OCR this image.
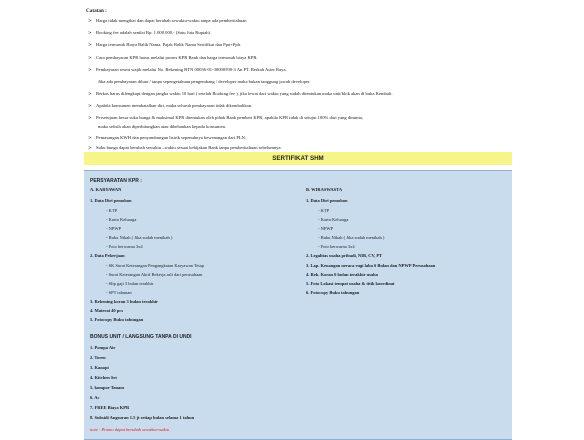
Catatan :
> Harga tidak mengikat dan dapat berubah sewaktu-waktu tanpa ada pemberitahuan
> Booking fee adalah senilai Rp. 1.000.000,- (Satu Juta Rupiah).
> Harga termasuk Biaya Balik Nama, Pajak Balik Nama Sertifikat dan Ppn+Pph.
> Cara pembayaran KPR harus melalui proses KPR Bank dan harga termasuk biaya KPR.
> Pembayaran resmi wajib melalui No. Rekening BTN 00036-01-30000590-3 An PT. Berkah Aster Raya.
Jika ada pembayaran diluar / tanpa sepengetahuan pengembang / developer maka bukan tanggung jawab developer.
> Berkas harus dilengkapi dengan jangka waktu 10 hari ( setelah Booking fee ), jika lewat dari waktu yang sudah ditentukan maka unit/blok akan di buka Kembali.
> Apabila konsumen membatalkan diri, maka seluruh pembayaran tidak dikembalikan.
> Persetujuan besar suku bunga & maksimal KPR ditentukan oleh pihak Bank pemberi KPR, apabila KPR tidak di setujui 100% dari yang diminta,
maka selisih akan diperhitungkan atau dibebankan kepada konsumen.
> Pemasangan KWH dan penyambungan listrik sepenuhnya kewenangan dari PLN.
> Suku bunga dapat berubah sewaktu –waktu sesuai kebijakan Bank tanpa pemberitahuan sebelumnya.
SERTIFIKAT SHM
PERSYARATAN KPR :
A. KARYAWAN
1. Data Diri pemohon
- KTP
- Kartu Keluarga
- NPWP
- Buku Nikah ( Jika sudah menikah )
- Foto berwarna 3x4
2. Data Pekerjaan
- SK Surat Keterangan Pengangkatan Karyawan Tetap
- Surat Keterangan Aktif Bekerja asli dari perusahaan
- Slip gaji 3 bulan terakhir
- SPT tahunan
3. Rekening koran 3 bulan terakhir
4. Materai 40 pcs
5. Fotocopy Buku tabungan
B. WIRASWASTA
1. Data Diri pemohon
- KTP
- Kartu Keluarga
- NPWP
- Buku Nikah ( Jika sudah menikah )
- Foto berwarna 3x4
2. Legalitas usaha pribadi, NIB, CV, PT
3. Lap. Keuangan neraca rugi laba 6 Bulan dan NPWP Perusahaan
4. Rek. Koran 6 bulan terakhir usaha
5. Foto Lokasi tempat usaha & titik koordinat
6. Fotocopy Buku tabungan
BONUS UNIT / LANGSUNG TANPA DI UNDI
1. Pompa Air
2. Toren
3. Kanopi
4. Kitchen Set
5. kompor Tanam
6. Ac
7. FREE Biaya KPR
8. Subsidi Angsuran 1.5 jt setiap bulan selama 1 tahun
note : Promo dapat berubah sewaktu-waktu
